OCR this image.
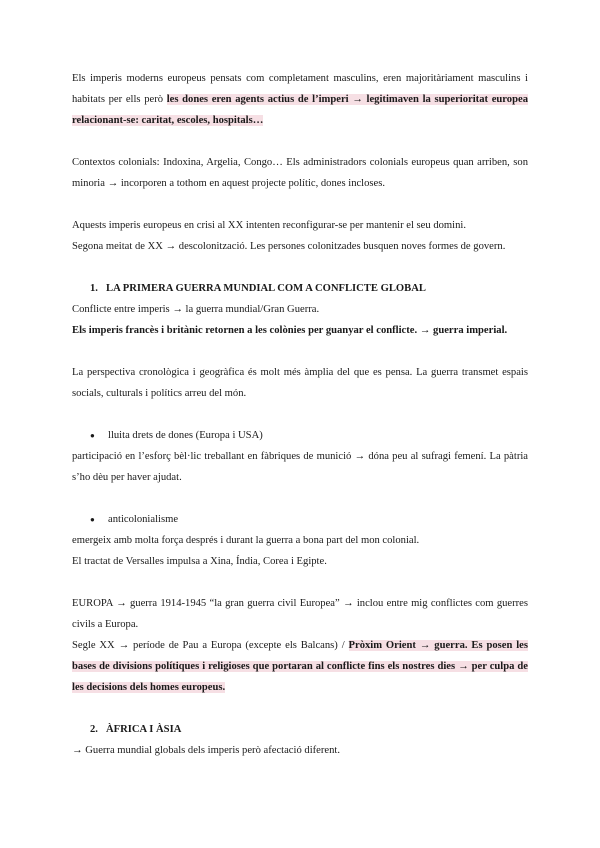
Els imperis moderns europeus pensats com completament masculins, eren majoritàriament masculins i habitats per ells però les dones eren agents actius de l’imperi → legitimaven la superioritat europea relacionant-se: caritat, escoles, hospitals…

Contextos colonials: Indoxina, Argelia, Congo… Els administradors colonials europeus quan arriben, son minoria → incorporen a tothom en aquest projecte polític, dones incloses.

Aquests imperis europeus en crisi al XX intenten reconfigurar-se per mantenir el seu domini.

Segona meitat de XX → descolonització. Les persones colonitzades busquen noves formes de govern.

1. LA PRIMERA GUERRA MUNDIAL COM A CONFLICTE GLOBAL

Conflicte entre imperis → la guerra mundial/Gran Guerra.

Els imperis francès i britànic retornen a les colònies per guanyar el conflicte. → guerra imperial.

La perspectiva cronològica i geogràfica és molt més àmplia del que es pensa. La guerra transmet espais socials, culturals i polítics arreu del món.

● lluita drets de dones (Europa i USA)

participació en l’esforç bèl·lic treballant en fàbriques de munició → dóna peu al sufragi femení. La pàtria s’ho dèu per haver ajudat.

● anticolonialisme

emergeix amb molta força després i durant la guerra a bona part del mon colonial.

El tractat de Versalles impulsa a Xina, Índia, Corea i Egipte.

EUROPA → guerra 1914-1945 “la gran guerra civil Europea” → inclou entre mig conflictes com guerres civils a Europa.

Segle XX → període de Pau a Europa (excepte els Balcans) / Pròxim Orient → guerra. Es posen les bases de divisions polítiques i religioses que portaran al conflicte fins els nostres dies → per culpa de les decisions dels homes europeus.

2. ÀFRICA I ÀSIA

→ Guerra mundial globals dels imperis però afectació diferent.
